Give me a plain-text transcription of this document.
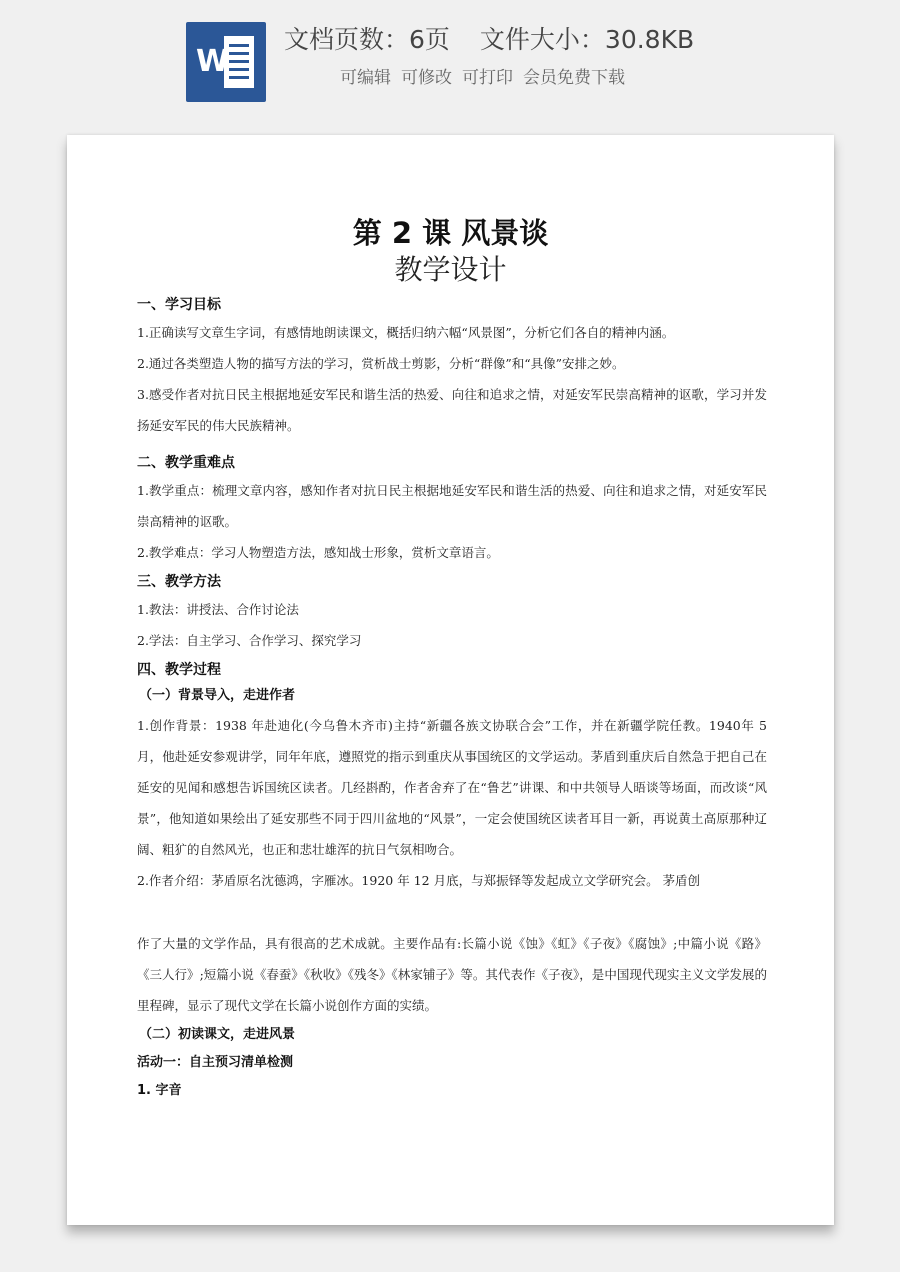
W
文档页数：6页 文件大小：30.8KB
可编辑 可修改 可打印 会员免费下载
第 2 课 风景谈
教学设计
一、学习目标
1.正确读写文章生字词，有感情地朗读课文，概括归纳六幅“风景图”，分析它们各自的精神内涵。
2.通过各类塑造人物的描写方法的学习，赏析战士剪影，分析“群像”和“具像”安排之妙。
3.感受作者对抗日民主根据地延安军民和谐生活的热爱、向往和追求之情，对延安军民崇高精神的讴歌，学习并发扬延安军民的伟大民族精神。
二、教学重难点
1.教学重点：梳理文章内容，感知作者对抗日民主根据地延安军民和谐生活的热爱、向往和追求之情，对延安军民崇高精神的讴歌。
2.教学难点：学习人物塑造方法，感知战士形象，赏析文章语言。
三、教学方法
1.教法：讲授法、合作讨论法
2.学法：自主学习、合作学习、探究学习
四、教学过程
（一）背景导入，走进作者
1.创作背景：1938 年赴迪化(今乌鲁木齐市)主持“新疆各族文协联合会”工作，并在新疆学院任教。1940年 5 月，他赴延安参观讲学，同年年底，遵照党的指示到重庆从事国统区的文学运动。茅盾到重庆后自然急于把自己在延安的见闻和感想告诉国统区读者。几经斟酌，作者舍弃了在“鲁艺”讲课、和中共领导人晤谈等场面，而改谈“风景”，他知道如果绘出了延安那些不同于四川盆地的“风景”，一定会使国统区读者耳目一新，再说黄土高原那种辽阔、粗犷的自然风光，也正和悲壮雄浑的抗日气氛相吻合。
2.作者介绍：茅盾原名沈德鸿，字雁冰。1920 年 12 月底，与郑振铎等发起成立文学研究会。 茅盾创
作了大量的文学作品，具有很高的艺术成就。主要作品有:长篇小说《蚀》《虹》《子夜》《腐蚀》;中篇小说《路》《三人行》;短篇小说《春蚕》《秋收》《残冬》《林家铺子》等。其代表作《子夜》，是中国现代现实主义文学发展的里程碑，显示了现代文学在长篇小说创作方面的实绩。
（二）初读课文，走进风景
活动一：自主预习清单检测
1. 字音
